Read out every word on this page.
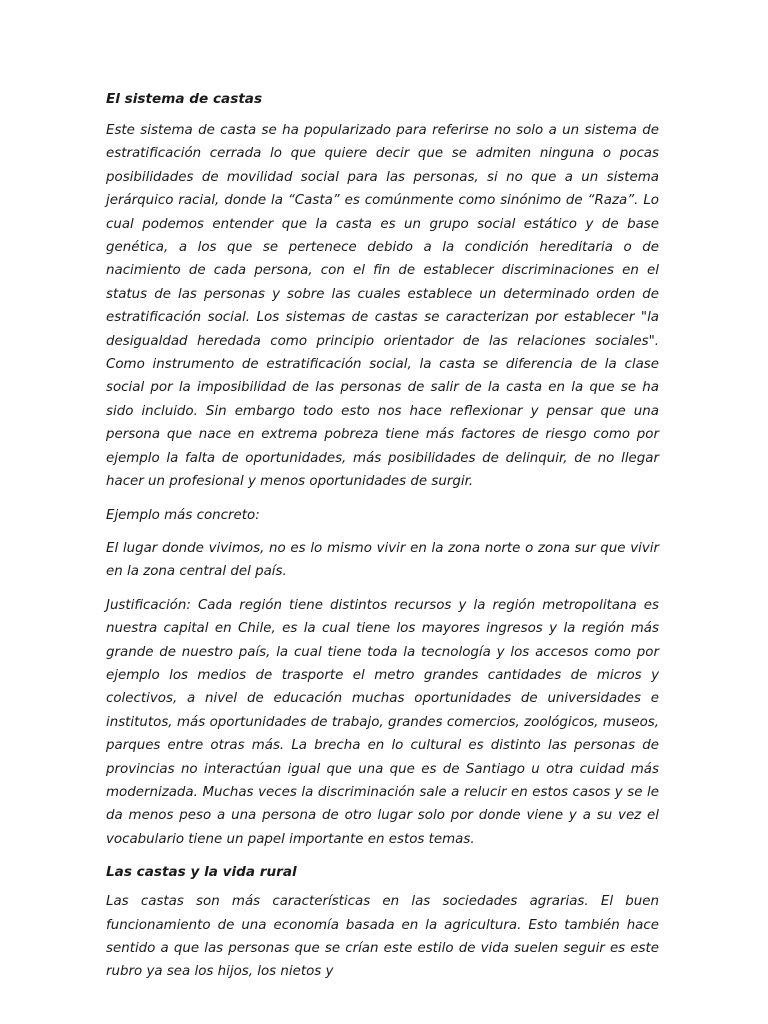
El sistema de castas

Este sistema de casta se ha popularizado para referirse no solo a un sistema de estratificación cerrada lo que quiere decir que se admiten ninguna o pocas posibilidades de movilidad social para las personas, si no que a un sistema jerárquico racial, donde la “Casta” es comúnmente como sinónimo de “Raza”. Lo cual podemos entender que la casta es un grupo social estático y de base genética, a los que se pertenece debido a la condición hereditaria o de nacimiento de cada persona, con el fin de establecer discriminaciones en el status de las personas y sobre las cuales establece un determinado orden de estratificación social. Los sistemas de castas se caracterizan por establecer "la desigualdad heredada como principio orientador de las relaciones sociales". Como instrumento de estratificación social, la casta se diferencia de la clase social por la imposibilidad de las personas de salir de la casta en la que se ha sido incluido. Sin embargo todo esto nos hace reflexionar y pensar que una persona que nace en extrema pobreza tiene más factores de riesgo como por ejemplo la falta de oportunidades, más posibilidades de delinquir, de no llegar hacer un profesional y menos oportunidades de surgir.

Ejemplo más concreto:

El lugar donde vivimos, no es lo mismo vivir en la zona norte o zona sur que vivir en la zona central del país.

Justificación: Cada región tiene distintos recursos y la región metropolitana es nuestra capital en Chile, es la cual tiene los mayores ingresos y la región más grande de nuestro país, la cual tiene toda la tecnología y los accesos como por ejemplo los medios de trasporte el metro grandes cantidades de micros y colectivos, a nivel de educación muchas oportunidades de universidades e institutos, más oportunidades de trabajo, grandes comercios, zoológicos, museos, parques entre otras más. La brecha en lo cultural es distinto las personas de provincias no interactúan igual que una que es de Santiago u otra cuidad más modernizada. Muchas veces la discriminación sale a relucir en estos casos y se le da menos peso a una persona de otro lugar solo por donde viene y a su vez el vocabulario tiene un papel importante en estos temas.

Las castas y la vida rural

Las castas son más características en las sociedades agrarias. El buen funcionamiento de una economía basada en la agricultura. Esto también hace sentido a que las personas que se crían este estilo de vida suelen seguir es este rubro ya sea los hijos, los nietos y
